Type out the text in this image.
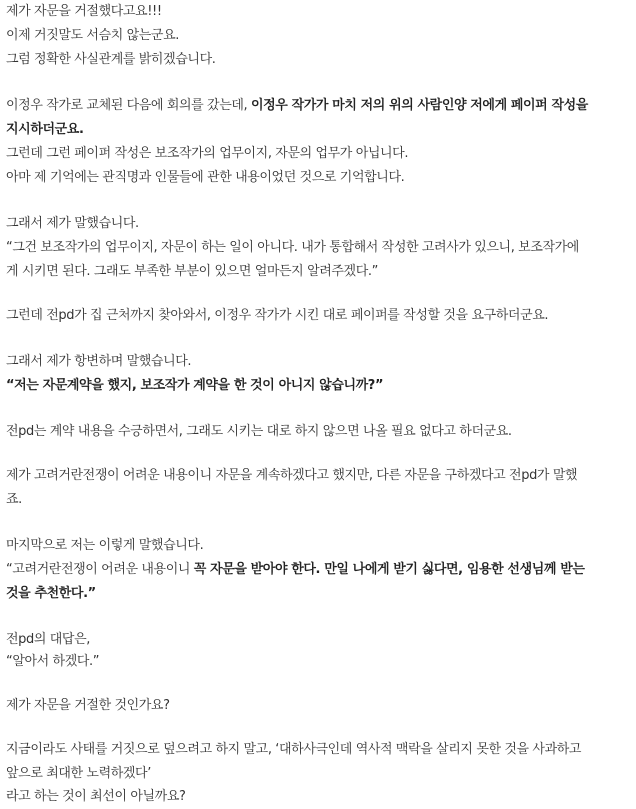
제가 자문을 거절했다고요!!!
이제 거짓말도 서슴치 않는군요.
그럼 정확한 사실관계를 밝히겠습니다.
이정우 작가로 교체된 다음에 회의를 갔는데, 이정우 작가가 마치 저의 위의 사람인양 저에게 페이퍼 작성을
지시하더군요.
그런데 그런 페이퍼 작성은 보조작가의 업무이지, 자문의 업무가 아닙니다.
아마 제 기억에는 관직명과 인물들에 관한 내용이었던 것으로 기억합니다.
그래서 제가 말했습니다.
“그건 보조작가의 업무이지, 자문이 하는 일이 아니다. 내가 통합해서 작성한 고려사가 있으니, 보조작가에
게 시키면 된다. 그래도 부족한 부분이 있으면 얼마든지 알려주겠다.”
그런데 전pd가 집 근처까지 찾아와서, 이정우 작가가 시킨 대로 페이퍼를 작성할 것을 요구하더군요.
그래서 제가 항변하며 말했습니다.
“저는 자문계약을 했지, 보조작가 계약을 한 것이 아니지 않습니까?”
전pd는 계약 내용을 수긍하면서, 그래도 시키는 대로 하지 않으면 나올 필요 없다고 하더군요.
제가 고려거란전쟁이 어려운 내용이니 자문을 계속하겠다고 했지만, 다른 자문을 구하겠다고 전pd가 말했
죠.
마지막으로 저는 이렇게 말했습니다.
“고려거란전쟁이 어려운 내용이니 꼭 자문을 받아야 한다. 만일 나에게 받기 싫다면, 임용한 선생님께 받는
것을 추천한다.”
전pd의 대답은,
“알아서 하겠다.”
제가 자문을 거절한 것인가요?
지금이라도 사태를 거짓으로 덮으려고 하지 말고, ‘대하사극인데 역사적 맥락을 살리지 못한 것을 사과하고
앞으로 최대한 노력하겠다’
라고 하는 것이 최선이 아닐까요?
